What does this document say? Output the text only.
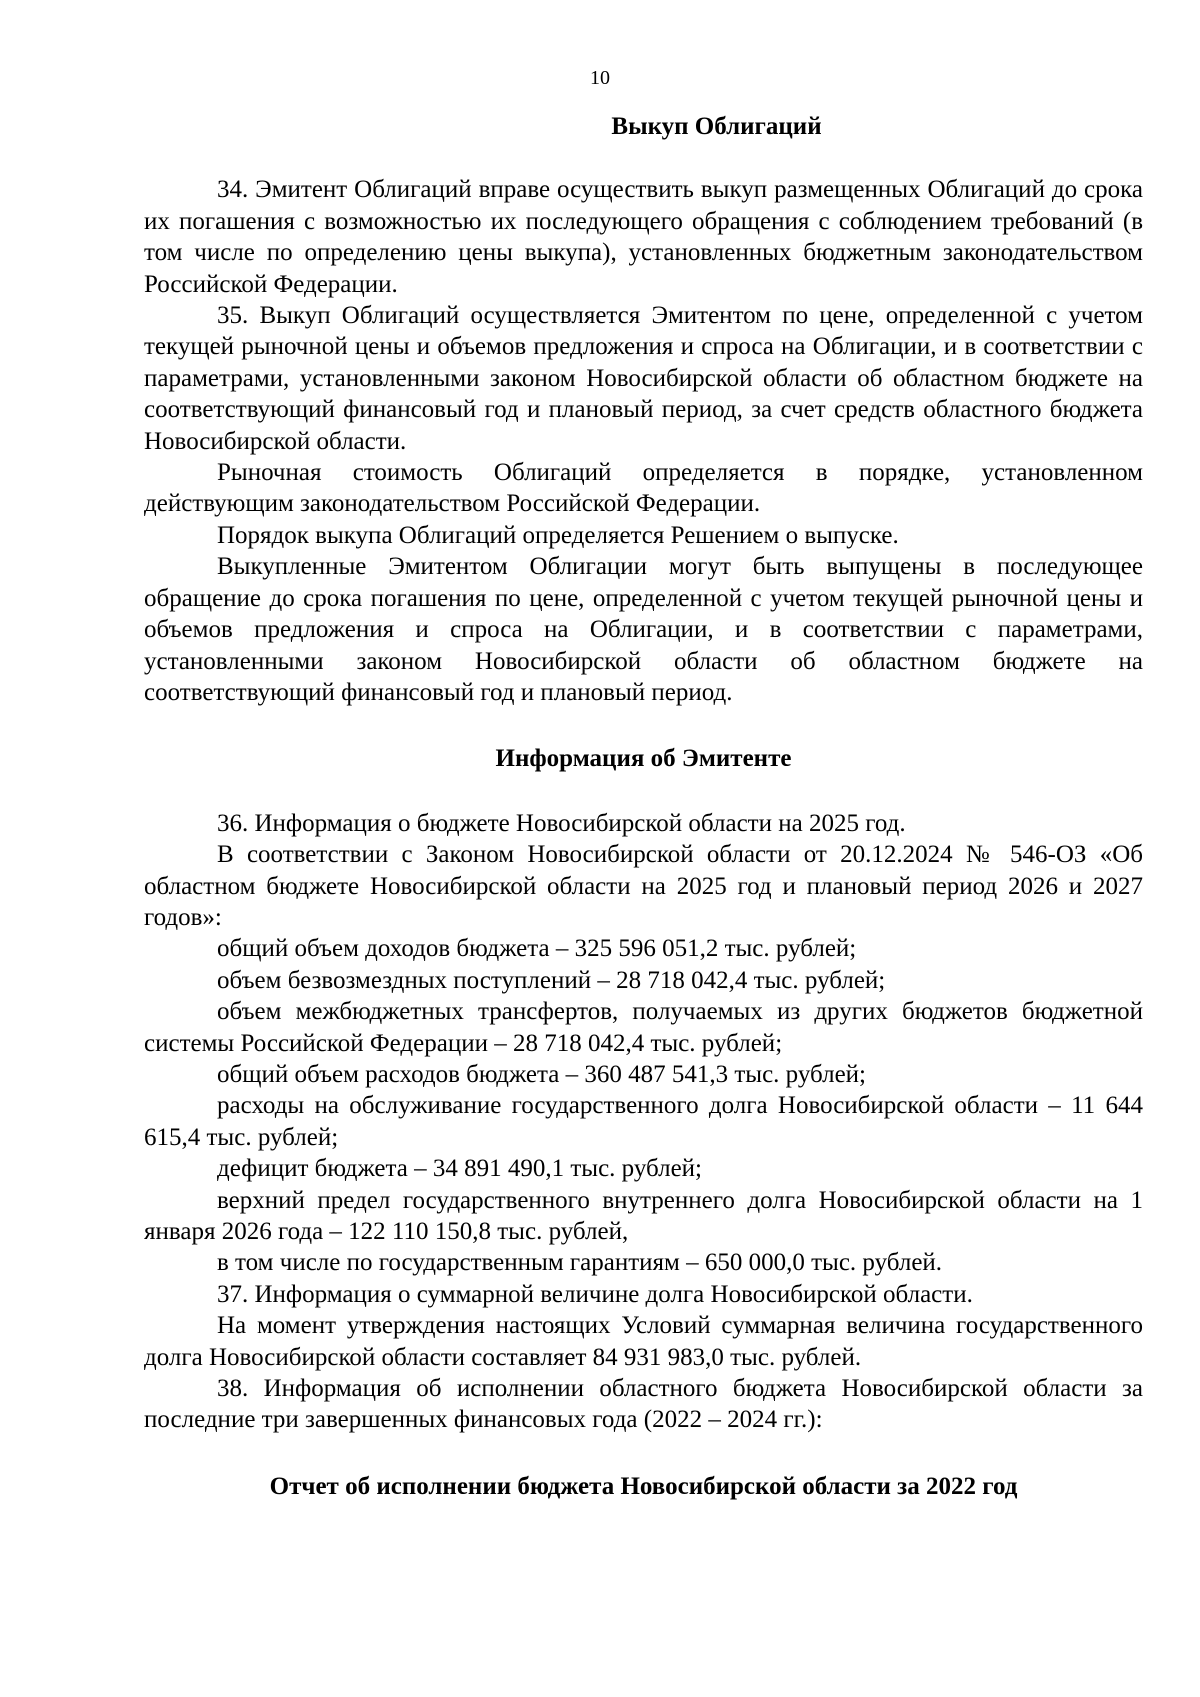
10
Выкуп Облигаций

34. Эмитент Облигаций вправе осуществить выкуп размещенных Облигаций до срока их погашения с возможностью их последующего обращения с соблюдением требований (в том числе по определению цены выкупа), установленных бюджетным законодательством Российской Федерации.

35. Выкуп Облигаций осуществляется Эмитентом по цене, определенной с учетом текущей рыночной цены и объемов предложения и спроса на Облигации, и в соответствии с параметрами, установленными законом Новосибирской области об областном бюджете на соответствующий финансовый год и плановый период, за счет средств областного бюджета Новосибирской области.

Рыночная стоимость Облигаций определяется в порядке, установленном действующим законодательством Российской Федерации.

Порядок выкупа Облигаций определяется Решением о выпуске.

Выкупленные Эмитентом Облигации могут быть выпущены в последующее обращение до срока погашения по цене, определенной с учетом текущей рыночной цены и объемов предложения и спроса на Облигации, и в соответствии с параметрами, установленными законом Новосибирской области об областном бюджете на соответствующий финансовый год и плановый период.

Информация об Эмитенте

36. Информация о бюджете Новосибирской области на 2025 год.

В соответствии с Законом Новосибирской области от 20.12.2024 № 546-ОЗ «Об областном бюджете Новосибирской области на 2025 год и плановый период 2026 и 2027 годов»:

общий объем доходов бюджета – 325 596 051,2 тыс. рублей;

объем безвозмездных поступлений – 28 718 042,4 тыс. рублей;

объем межбюджетных трансфертов, получаемых из других бюджетов бюджетной системы Российской Федерации – 28 718 042,4 тыс. рублей;

общий объем расходов бюджета – 360 487 541,3 тыс. рублей;

расходы на обслуживание государственного долга Новосибирской области – 11 644 615,4 тыс. рублей;

дефицит бюджета – 34 891 490,1 тыс. рублей;

верхний предел государственного внутреннего долга Новосибирской области на 1 января 2026 года – 122 110 150,8 тыс. рублей,

в том числе по государственным гарантиям – 650 000,0 тыс. рублей.

37. Информация о суммарной величине долга Новосибирской области.

На момент утверждения настоящих Условий суммарная величина государственного долга Новосибирской области составляет 84 931 983,0 тыс. рублей.

38. Информация об исполнении областного бюджета Новосибирской области за последние три завершенных финансовых года (2022 – 2024 гг.):

Отчет об исполнении бюджета Новосибирской области за 2022 год
